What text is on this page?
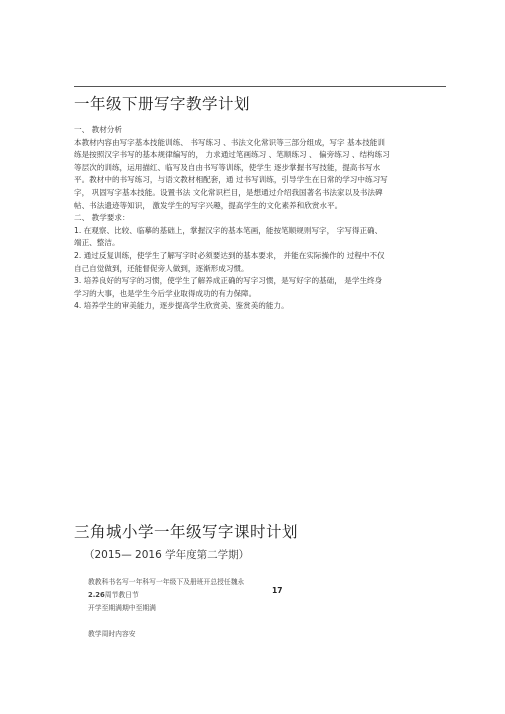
一年级下册写字教学计划

一、 教材分析

本教材内容由写字基本技能训练、 书写练习 、书法文化常识等三部分组成，写字 基本技能训

练是按照汉字书写的基本规律编写的， 力求通过笔画练习 、笔顺练习 、 偏旁练习 、结构练习

等层次的训练，运用描红、临写及自由书写等训练，使学生 逐步掌握书写技能，提高书写水

平。教材中的书写练习，与语文教材相配套，通 过书写训练，引导学生在日常的学习中练习写

字， 巩固写字基本技能。设置书法 文化常识栏目，是想通过介绍我国著名书法家以及书法碑

帖、书法遗迹等知识， 激发学生的写字兴趣，提高学生的文化素养和欣赏水平。

二、 教学要求：

1. 在观察、比较、临摹的基础上，掌握汉字的基本笔画，能按笔顺规则写字， 字写得正确、

端正、整洁。

2. 通过反复训练，使学生了解写字时必须要达到的基本要求， 并能在实际操作的 过程中不仅

自己自觉做到，还能督促旁人做到，逐渐形成习惯。

3. 培养良好的写字的习惯，使学生了解养成正确的写字习惯，是写好字的基础， 是学生终身

学习的大事，也是学生今后学业取得成功的有力保障。

4. 培养学生的审美能力，逐步提高学生欣赏美、鉴赏美的能力。

三角城小学一年级写字课时计划
（2015— 2016 学年度第二学期）

教教科书名写一年科写一年级下及册班开总授任魏永

2.26周节教日节

开学至期满期中至期满

教学周时内容安

17
